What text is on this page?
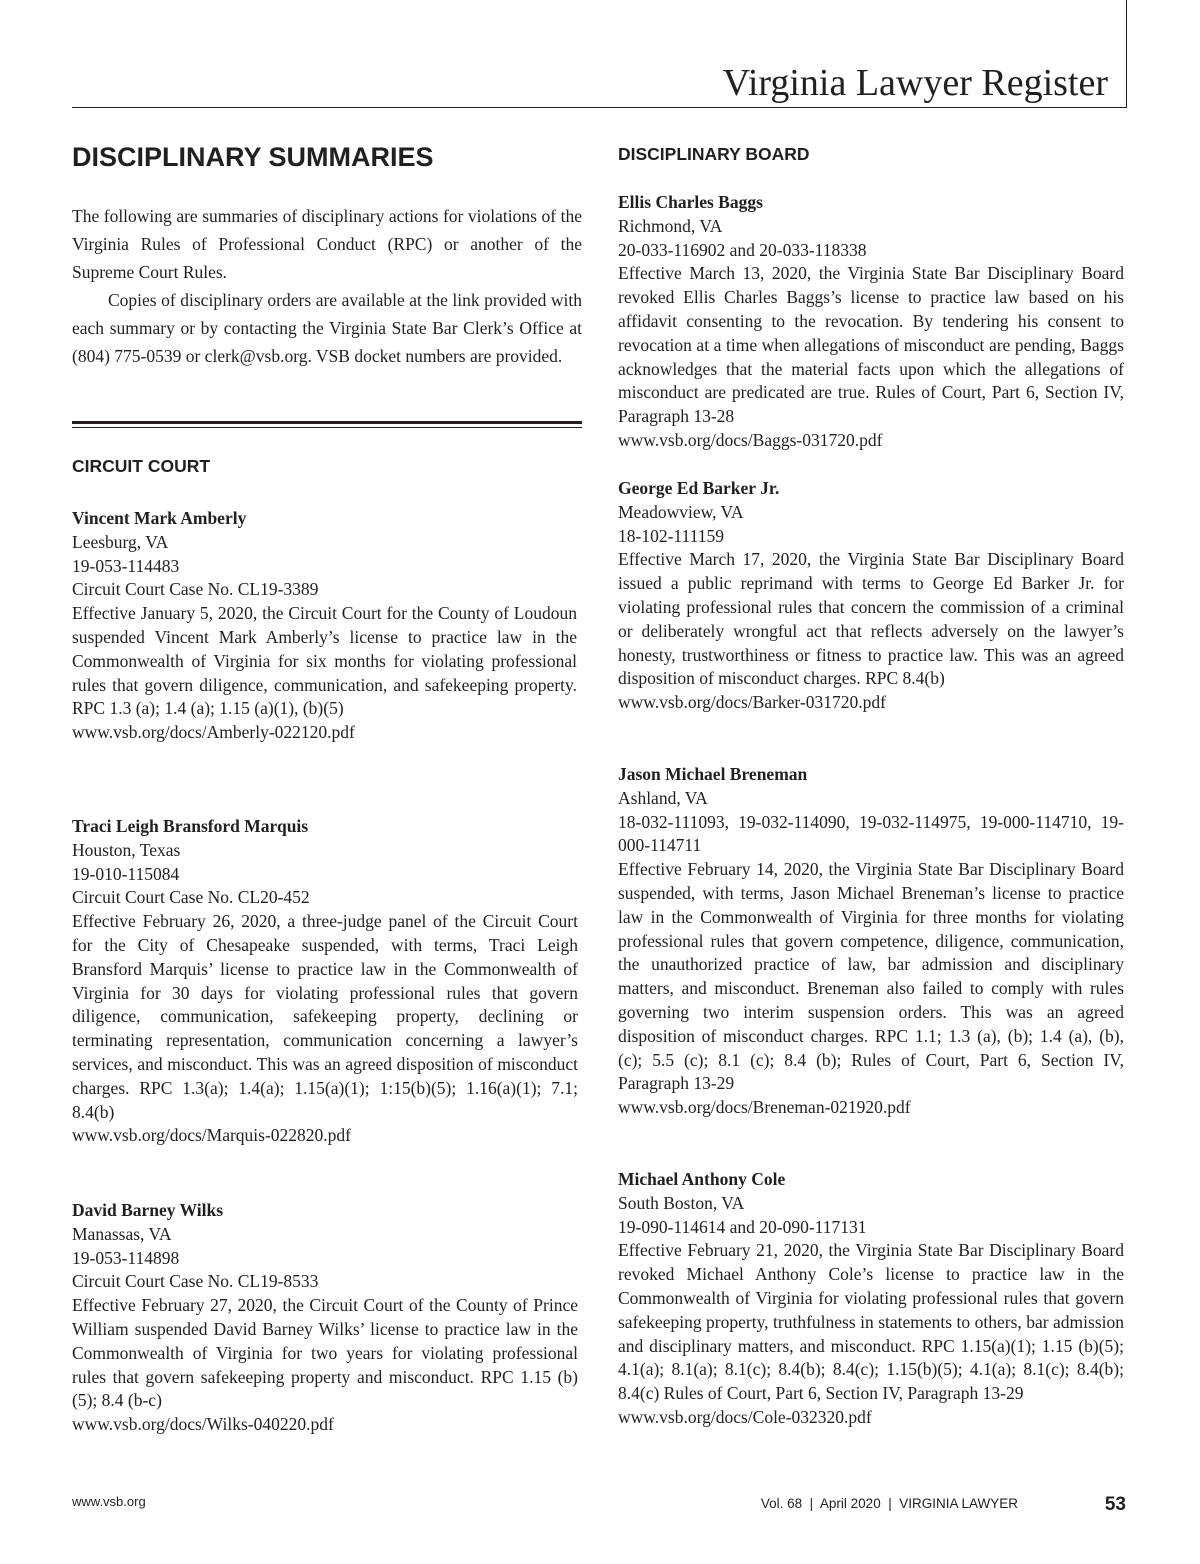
Virginia Lawyer Register
DISCIPLINARY SUMMARIES

The following are summaries of disciplinary actions for violations of the Virginia Rules of Professional Conduct (RPC) or another of the Supreme Court Rules.

Copies of disciplinary orders are available at the link provided with each summary or by contacting the Virginia State Bar Clerk’s Office at (804) 775-0539 or clerk@vsb.org. VSB docket numbers are provided.

CIRCUIT COURT
Vincent Mark Amberly
Leesburg, VA
19-053-114483
Circuit Court Case No. CL19-3389
Effective January 5, 2020, the Circuit Court for the County of Loudoun suspended Vincent Mark Amberly’s license to practice law in the Commonwealth of Virginia for six months for violating professional rules that govern diligence, communication, and safekeeping property. RPC 1.3 (a); 1.4 (a); 1.15 (a)(1), (b)(5)
www.vsb.org/docs/Amberly-022120.pdf
Traci Leigh Bransford Marquis
Houston, Texas
19-010-115084
Circuit Court Case No. CL20-452
Effective February 26, 2020, a three-judge panel of the Circuit Court for the City of Chesapeake suspended, with terms, Traci Leigh Bransford Marquis’ license to practice law in the Commonwealth of Virginia for 30 days for violating professional rules that govern diligence, communication, safekeeping property, declining or terminating representation, communication concerning a lawyer’s services, and misconduct. This was an agreed disposition of misconduct charges. RPC 1.3(a); 1.4(a); 1.15(a)(1); 1:15(b)(5); 1.16(a)(1); 7.1; 8.4(b)
www.vsb.org/docs/Marquis-022820.pdf
David Barney Wilks
Manassas, VA
19-053-114898
Circuit Court Case No. CL19-8533
Effective February 27, 2020, the Circuit Court of the County of Prince William suspended David Barney Wilks’ license to practice law in the Commonwealth of Virginia for two years for violating professional rules that govern safekeeping property and misconduct. RPC 1.15 (b)(5); 8.4 (b-c)
www.vsb.org/docs/Wilks-040220.pdf
DISCIPLINARY BOARD
Ellis Charles Baggs
Richmond, VA
20-033-116902 and 20-033-118338
Effective March 13, 2020, the Virginia State Bar Disciplinary Board revoked Ellis Charles Baggs’s license to practice law based on his affidavit consenting to the revocation. By tendering his consent to revocation at a time when allegations of misconduct are pending, Baggs acknowledges that the material facts upon which the allegations of misconduct are predicated are true. Rules of Court, Part 6, Section IV, Paragraph 13-28
www.vsb.org/docs/Baggs-031720.pdf
George Ed Barker Jr.
Meadowview, VA
18-102-111159
Effective March 17, 2020, the Virginia State Bar Disciplinary Board issued a public reprimand with terms to George Ed Barker Jr. for violating professional rules that concern the commission of a criminal or deliberately wrongful act that reflects adversely on the lawyer’s honesty, trustworthiness or fitness to practice law. This was an agreed disposition of misconduct charges. RPC 8.4(b)
www.vsb.org/docs/Barker-031720.pdf
Jason Michael Breneman
Ashland, VA
18-032-111093, 19-032-114090, 19-032-114975, 19-000-114710, 19-000-114711
Effective February 14, 2020, the Virginia State Bar Disciplinary Board suspended, with terms, Jason Michael Breneman’s license to practice law in the Commonwealth of Virginia for three months for violating professional rules that govern competence, diligence, communication, the unauthorized practice of law, bar admission and disciplinary matters, and misconduct. Breneman also failed to comply with rules governing two interim suspension orders. This was an agreed disposition of misconduct charges. RPC 1.1; 1.3 (a), (b); 1.4 (a), (b), (c); 5.5 (c); 8.1 (c); 8.4 (b); Rules of Court, Part 6, Section IV, Paragraph 13-29
www.vsb.org/docs/Breneman-021920.pdf
Michael Anthony Cole
South Boston, VA
19-090-114614 and 20-090-117131
Effective February 21, 2020, the Virginia State Bar Disciplinary Board revoked Michael Anthony Cole’s license to practice law in the Commonwealth of Virginia for violating professional rules that govern safekeeping property, truthfulness in statements to others, bar admission and disciplinary matters, and misconduct. RPC 1.15(a)(1); 1.15 (b)(5); 4.1(a); 8.1(a); 8.1(c); 8.4(b); 8.4(c); 1.15(b)(5); 4.1(a); 8.1(c); 8.4(b); 8.4(c) Rules of Court, Part 6, Section IV, Paragraph 13-29
www.vsb.org/docs/Cole-032320.pdf
www.vsb.org	Vol. 68  |  April 2020  |  VIRGINIA LAWYER	53
